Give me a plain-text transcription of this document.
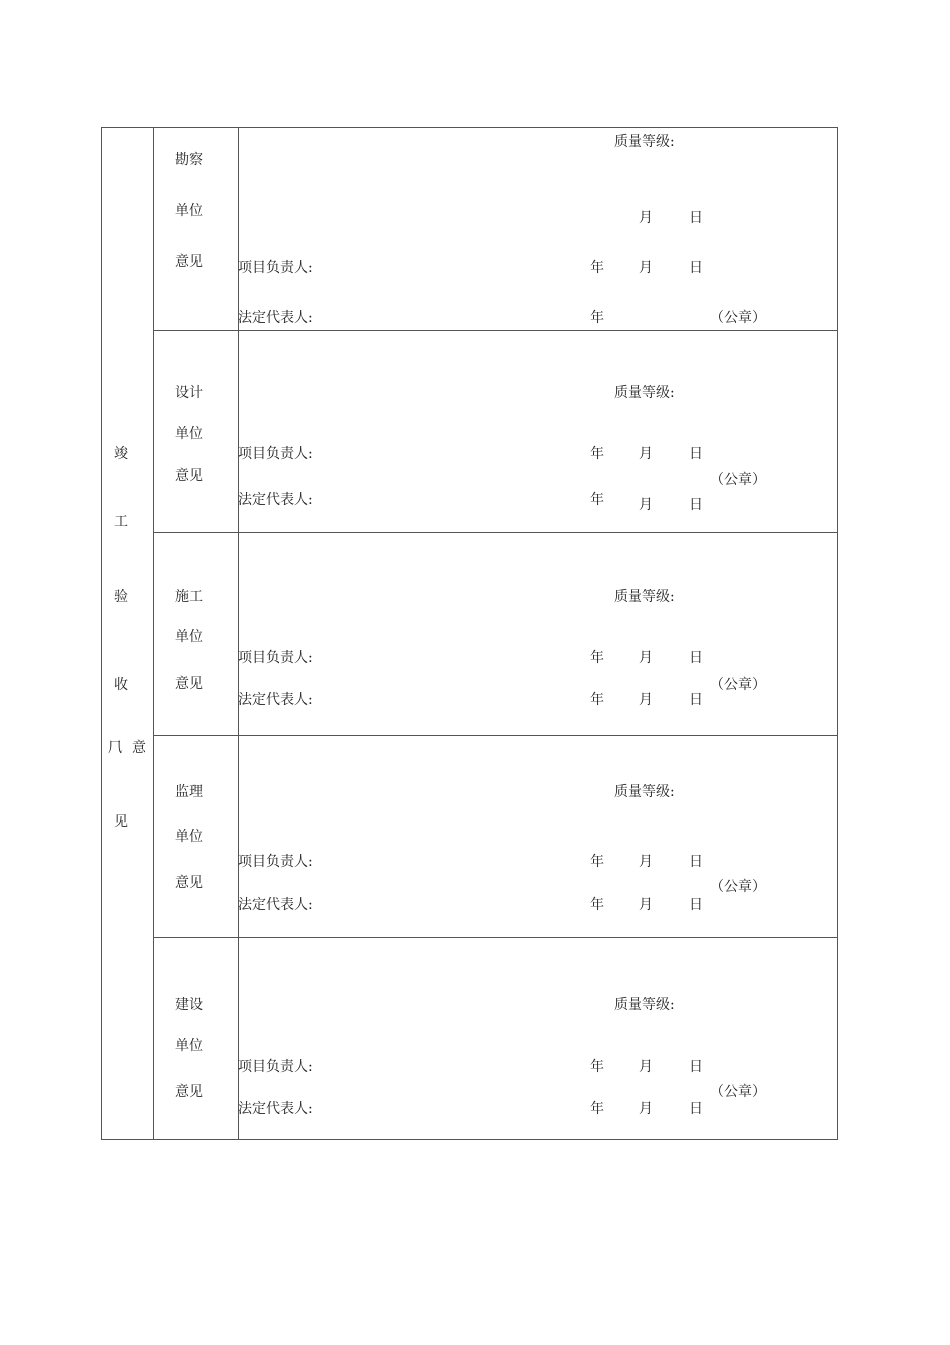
竣
工
验
收
⺇ 意
见
勘察
单位
意见
质量等级:
月	日
项目负责人:	年	月	日
法定代表人:	年	（公章）
设计
单位
意见
质量等级:
项目负责人:	年	月	日
（公章）
法定代表人:	年	月	日
施工
单位
意见
质量等级:
项目负责人:	年	月	日
（公章）
法定代表人:	年	月	日
监理
单位
意见
质量等级:
项目负责人:	年	月	日
（公章）
法定代表人:	年	月	日
建设
单位
意见
质量等级:
项目负责人:	年	月	日
（公章）
法定代表人:	年	月	日
